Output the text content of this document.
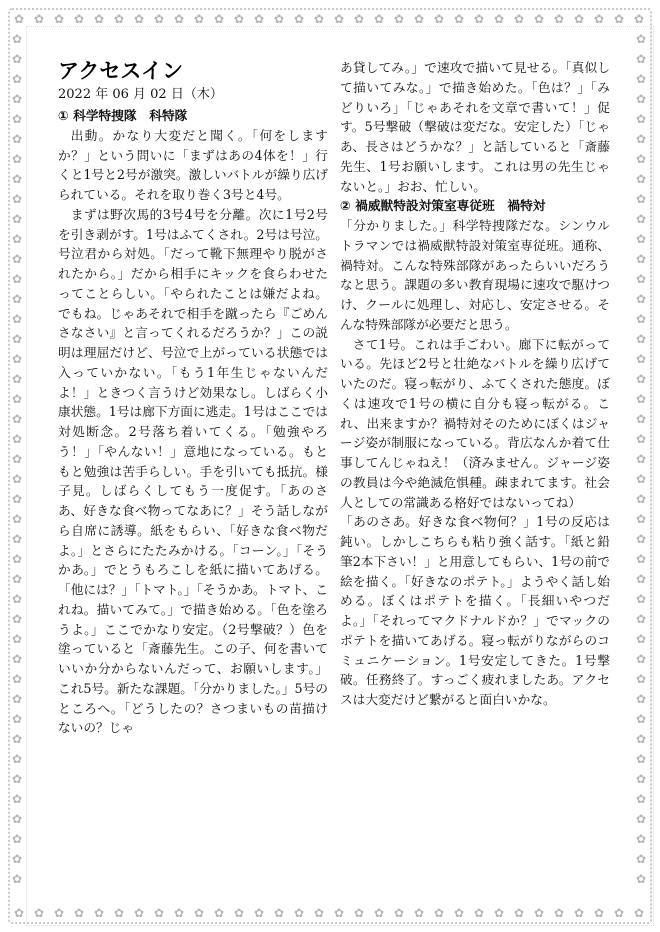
✿
✿
✿
✿
✿
✿
✿
✿
✿
✿
✿
✿
✿
✿
✿
✿
✿
✿
✿
✿
✿
✿
✿
✿
✿
✿
✿
✿
✿
✿
✿
✿
✿
✿
✿
✿
✿
✿
✿
✿
✿
✿
✿
✿
✿
✿
✿
✿
✿
✿
✿
✿
✿
✿
✿
✿
✿
✿
✿
✿
✿
✿
✿
✿
✿	✿
✿	✿
✿	✿
✿	✿
✿	✿
✿	✿
✿	✿
✿	✿
✿	✿
✿	✿
✿	✿
✿	✿
✿	✿
✿	✿
✿	✿
✿	✿
✿	✿
✿	✿
✿	✿
✿	✿
✿	✿
✿	✿
✿	✿
✿	✿
✿	✿
✿	✿
✿	✿
✿	✿
✿	✿
✿	✿
✿	✿
✿	✿
✿	✿
✿	✿
✿	✿
✿	✿
✿	✿
✿	✿
✿	✿
✿	✿
✿	✿
✿	✿
✿	✿
アクセスイン

2022 年 06 月 02 日（木）

① 科学特捜隊　科特隊

出動。かなり大変だと聞く。「何をしますか？」という問いに「まずはあの4体を！」行くと1号と2号が激突。激しいバトルが繰り広げられている。それを取り巻く3号と4号。

まずは野次馬的3号4号を分離。次に1号2号を引き剥がす。1号はふてくされ。2号は号泣。号泣君から対処。「だって靴下無理やり脱がされたから。」だから相手にキックを食らわせたってことらしい。「やられたことは嫌だよね。でもね。じゃあそれで相手を蹴ったら『ごめんさなさい』と言ってくれるだろうか？」この説明は理屈だけど、号泣で上がっている状態では入っていかない。「もう1年生じゃないんだよ！」ときつく言うけど効果なし。しばらく小康状態。1号は廊下方面に逃走。1号はここでは対処断念。2号落ち着いてくる。「勉強やろう！」「やんない！」意地になっている。もともと勉強は苦手らしい。手を引いても抵抗。様子見。しばらくしてもう一度促す。「あのさあ、好きな食べ物ってなあに？」そう話しながら自席に誘導。紙をもらい、「好きな食べ物だよ。」とさらにたたみかける。「コーン。」「そうかあ。」でとうもろこしを紙に描いてあげる。「他には？」「トマト。」「そうかあ。トマト、これね。描いてみて。」で描き始める。「色を塗ろうよ。」ここでかなり安定。（2号撃破？）色を塗っていると「斎藤先生。この子、何を書いていいか分からないんだって、お願いします。」これ5号。新たな課題。「分かりました。」5号のところへ。「どうしたの？さつまいもの苗描けないの？じゃ

あ貸してみ。」で速攻で描いて見せる。「真似して描いてみな。」で描き始めた。「色は？」「みどりいろ」「じゃあそれを文章で書いて！」促す。5号撃破（撃破は変だな。安定した）「じゃあ、長さはどうかな？」と話していると「斎藤先生、1号お願いします。これは男の先生じゃないと。」おお、忙しい。

② 禍威獣特設対策室専従班　禍特対

「分かりました。」科学特捜隊だな。シンウルトラマンでは禍威獣特設対策室専従班。通称、禍特対。こんな特殊部隊があったらいいだろうなと思う。課題の多い教育現場に速攻で駆けつけ、クールに処理し、対応し、安定させる。そんな特殊部隊が必要だと思う。

さて1号。これは手ごわい。廊下に転がっている。先ほど2号と壮絶なバトルを繰り広げていたのだ。寝っ転がり、ふてくされた態度。ぼくは速攻で1号の横に自分も寝っ転がる。これ、出来ますか？禍特対そのためにぼくはジャージ姿が制服になっている。背広なんか着て仕事してんじゃねえ！（済みません。ジャージ姿の教員は今や絶滅危惧種。疎まれてます。社会人としての常識ある格好ではないってね）

「あのさあ。好きな食べ物何？」1号の反応は鈍い。しかしこちらも粘り強く話す。「紙と鉛筆2本下さい！」と用意してもらい、1号の前で絵を描く。「好きなのポテト。」ようやく話し始める。ぼくはポテトを描く。「長細いやつだよ。」「それってマクドナルドか？」でマックのポテトを描いてあげる。寝っ転がりながらのコミュニケーション。1号安定してきた。1号撃破。任務終了。すっごく疲れましたあ。アクセスは大変だけど繋がると面白いかな。
